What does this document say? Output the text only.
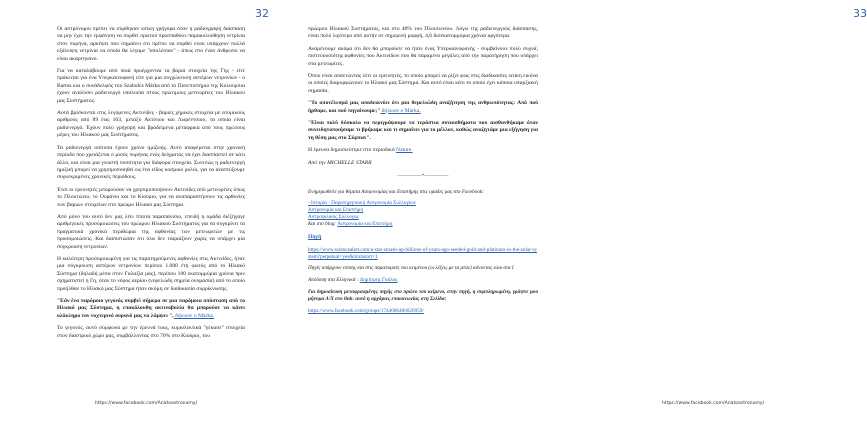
32

Οι αστρόνομοι πρέπει να σύρθηκαν ωτίκη γρήγορα όταν η ραδιογραφή διάσπαση να μην έχει την εμφάνιση να συρθεί πρωτού προσπαθούν παρακολούθηση νετρίνια στον πυρήνα, αρκέψει που σημαίνει ότι πρέπει να συρθεί είναι υπάρχουν πολλά εξάλειψη νετρίνια να οποία θα λέγαμε "απολέσιαν" - άπως στο έναν άνθρωπο να είναι ακαρτηνανο.

Για να καταλάβουμε από ποιά προέρχονται τα βαριά στοιχεία της Γης - είτε πρόκειται για ένα Υπερκαινοφανή είτε για μια συγχώνευση αστέρων νετρονίων - ο Bartos και ο συνάδελφός του Szabolcs Márka από το Πανεπιστήμιο της Κολούμπια έχουν αναλύσει ραδιενεργό υπόλοιπα στους πρώτιμους μετεωρίτες του Ηλιακού μας Συστήματος.

Αυτά βρίσκονται στις λεγόμενες Ακτινίδες - βαριές χημικές στοιχεία με ατομικούς αριθμούς από 89 έως 103, μεταξύ Ακτίνιου και Λωρέντσιου, τα οποία είναι ραδιενεργά. Έχουν πολύ γρήγορη και βραδείμενα μεταφρικα από τους πρώτους μέρες του Ηλιακού μας Συστήματος.

Τα ραδιενεργά ισότοπα έχουν χρόνο ημιζωής. Αυτό αναφέρεται στην χρονική περίοδο που χρειάζεται ο μισός πυρήνας ενός δείγματος να έχει διασπαστεί σε κάτι άλλο, και είναι μια γνωστή ποσότητα για διάφορα στοιχεία. Συνεπώς η ραδιενεργή ημιζωή μπορεί να χρησιμοποιηθεί ως ένα είδος κοσμικό ρολόι, για να αναπτύξουμε συγκεκριμένες χρονικές περιόδους.

Έτσι οι ερευνητές μπορούσαν να χρησιμοποιήσουν Ακτινίδες από μετεωρίτες όπως το Πλουτώνιο, το Ουράνιο και το Κιούριο, για να αναπαραστήσουν τις αρθονίες των βαριών στοιχείων στο πρώιμο Ηλιακό μας Σύστημα.

Από μόνο του αυτό δεν μας λέει τίποτα παραπανίσιο, επειδή η ομάδα διέξήγαγε αριθμητικές προσομοιώσεις του πρώιμου Ηλιακού Συστήματος για να συγκρίνει τα πραγματικά χρονικά περιθώρια της αφθονίας των μετεωριτών με τις προσομοιώσεις. Και διαπιστώσαν ότι όλα δεν ταιριάζουν χωρίς να υπάρχει μία σύγκρουση νετρονίων.

Η καλύτερη προσομοιωμένη για τις παρατηρούμενες αφθονίες στις Ακτινίδες, ήταν μια σύγκρουση αστέρων νετρονίων περίπου 1.000 έτη φωτός από το Ηλιακό Σύστημα (δηλαδή μέσα στον Γαλαξία μας), περίπου 100 εκατομμύρια χρόνια πριν σχηματιστεί η Γη, όταν το νέφος αερίου (νεφελώδη σημεία ονομασία) από το οποίο προήλθαν το Ηλιακό μας Σύστημα ήταν ακόμη σε διαδικασία συρρίκνωσης.

"Εάν ένα παρόμοιο γεγονός συμβεί σήμερα σε μια παρόμοια απόσταση από το Ηλιακό μας Σύστημα, η επακόλουθη ακτινοβολία θα μπορούσε να κάνει ολόκληρο τον νυχτερινό ουρανό μας να λάμψει ", δήλωσε ο Márka.

Το γεγονός, αυτό σύμφωνα με την έρευνά τους, κυριολεκτικά "γέκασε" στοιχεία στον διαστρικό χώρο μας, συμβάλλοντας στο 70% στο Κιούριο, του

https://www.facebook.com/Anatoastronomy/
33

πρώιμου Ηλιακού Συστήματος, και στο 40% του Πλουτωνίου. Λόγω της ραδιενεργούς διάσπασης, είναι πολύ λιγότερο από αυτήν σε σημερινή μορφή, 4,6 δισεκατομμύρια χρόνια αργότερα.

Αναμένουμε ακόμα ότι δεν θα μπορούσε να ήταν ένας Υπερκαινοφανής - συμβαίνουν πολύ συχνά, πιστεύουσιότης αφθονίες που Ακτινίδων που θα παραμένο μεγάλες από την παρατήρηση που υπάρχει στα μετεωρίτες.

Όπου είναι απαντώντας λέει οι ερευνητές, το οποίο μπορεί να ρίξει φως στις διαδικασίες ωτίκη εικόνα οι οποίες διαμορφώνουν το Ηλιακό μας Σύστημα. Και αυτό είναι κάτι το οποίο έχει κάποια υπαρξιακή σημασία.

"Το αποτέλεσμά μας αποδεικνύει ότι μια θεμελιώδη αναζήτηση της ανθρωπότητας: Από πού ήρθαμε, και πού πηγαίνουμε;" δήλωσε ο Márka.

"Είναι πολύ δύσκολο να περιγράψουμε τα τεράστια συναισθήματα που αισθανθήκαμε όταν συνειδητοποιήσαμε τι βρήκαμε και τι σημαίνει για το μέλλον, καθώς αναζητάμε μια εξήγηση για τη θέση μας στο Σύμπαν".

Η έρευνα δημοσιεύτηκε στο περιοδικό Nature.

Από την MICHELLE STARR

-------------*-------------

Ενημερωθείτε για θέματα Αστρονομίας και Επιστήμης στις ομάδες μας στο Facebook:

- Ιστορία - Παρατηρησιακή Αστρονομία Συλλογίων
Αστρονομία και Επιστήμη
Αστροφιλικός Σύλλογος
Και στο blog: Αστρονομία και Επιστήμη

Πηγή

https://www.sciencealert.com/a-star-smash-up-billions-of-years-ago-seeded-gold-and-platinum-in-the-solar-system?perpetual=yes&limitstart=1

Πηγές υπάρχουν επίσης και στις παραπομπές του κειμένου (οι λέξεις με τα μπλε) κάνοντας κλικ στα Ι

Απόδοση στα Ελληνικά : Δημήτρης Γκάλος

Για δημοσίευση μεταφρασμένης πηγής στο πρώτο του κείμενο, στην πηγή, η συμπληρωμένη, γράψτε μου μήνυμα Λ/Χ στο link: αυτό η αρχάριες επικοινωνίας στη Σελίδα:

https://www.facebook.com/groups/1744086466026959/

https://www.facebook.com/Anatoastronomy/
